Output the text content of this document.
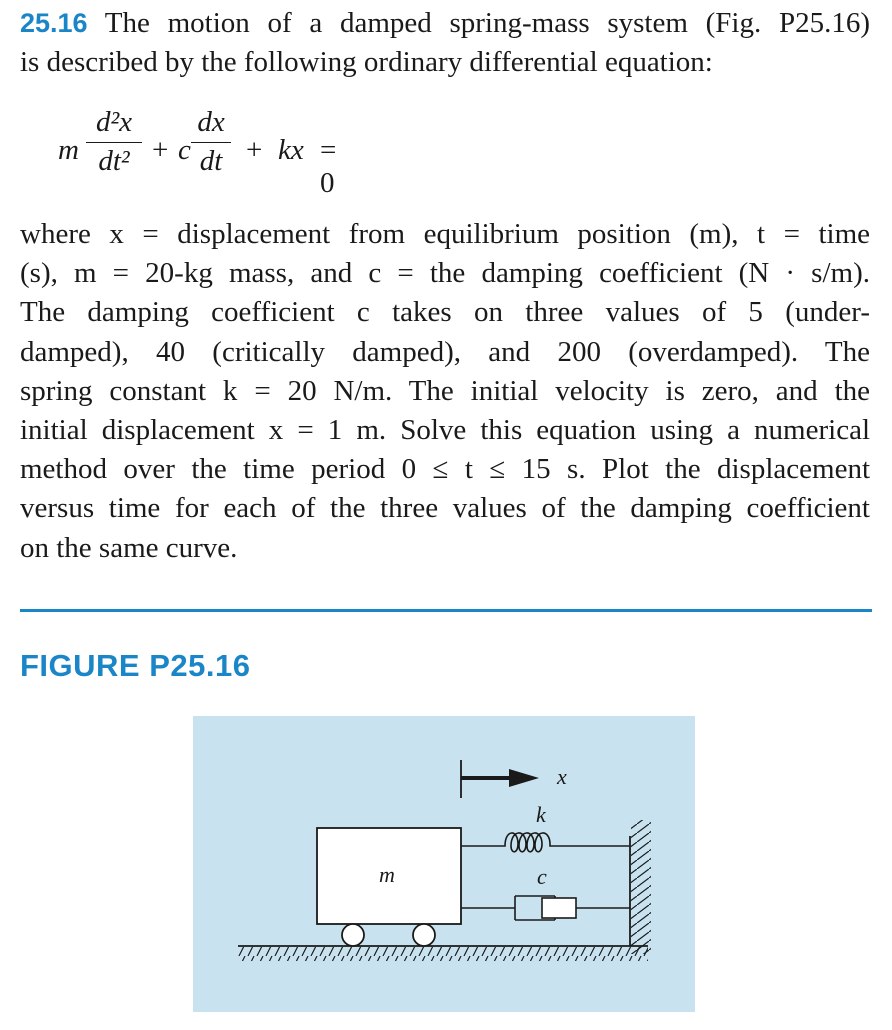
25.16 The motion of a damped spring-mass system (Fig. P25.16)
is described by the following ordinary differential equation:
m
d²x
dt² + c
dx
dt + kx = 0
where x = displacement from equilibrium position (m), t = time
(s), m = 20-kg mass, and c = the damping coefficient (N · s/m).
The damping coefficient c takes on three values of 5 (under-
damped), 40 (critically damped), and 200 (overdamped). The
spring constant k = 20 N/m. The initial velocity is zero, and the
initial displacement x = 1 m. Solve this equation using a numerical
method over the time period 0 ≤ t ≤ 15 s. Plot the displacement
versus time for each of the three values of the damping coefficient
on the same curve.
FIGURE P25.16
m
x
k
c
